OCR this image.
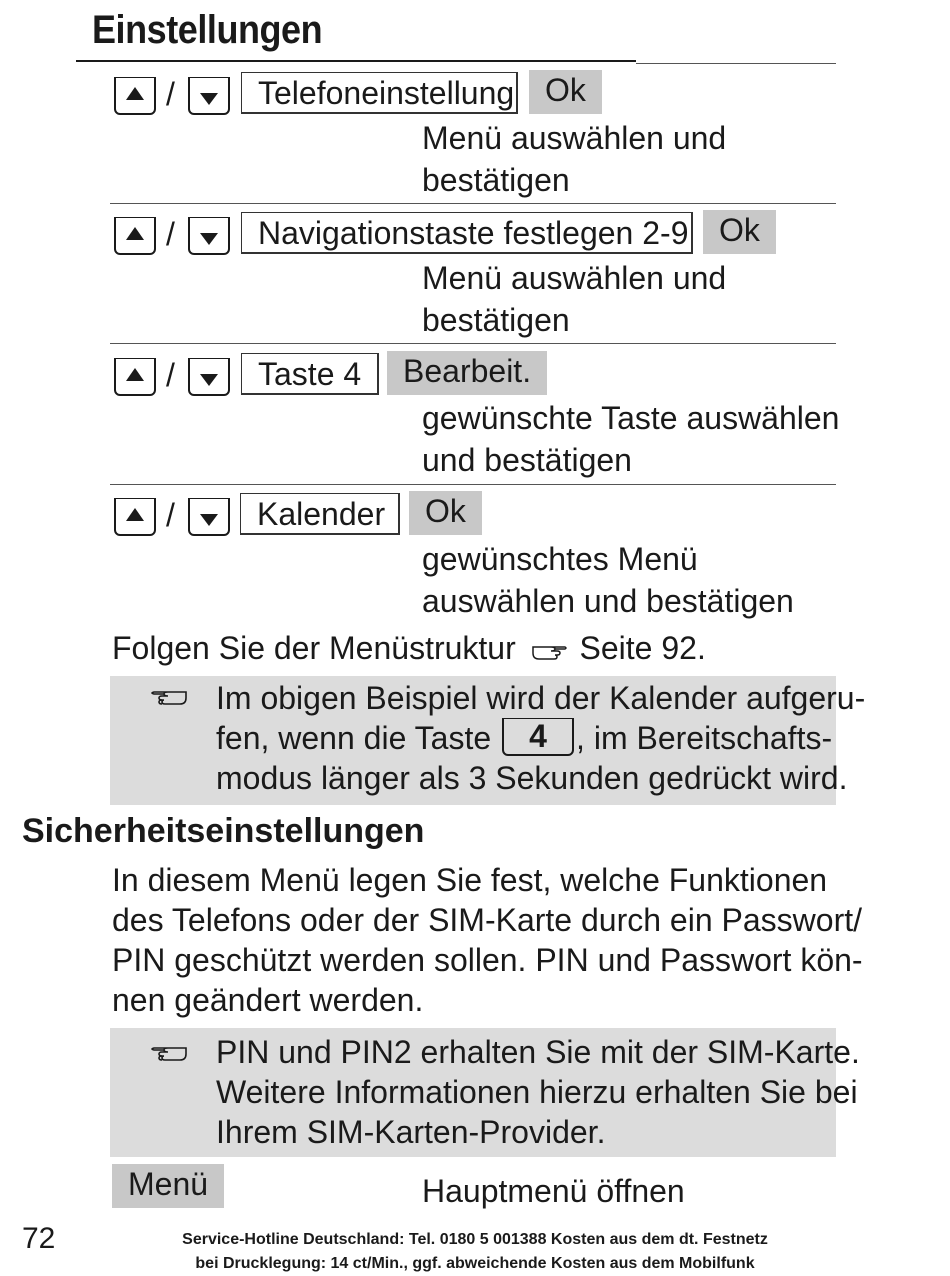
Einstellungen
/	Telefoneinstellung Ok
Menü auswählen und
bestätigen
/	Navigationstaste festlegen 2-9 Ok
Menü auswählen und
bestätigen
/	Taste 4	Bearbeit.
gewünschte Taste auswählen
und bestätigen
/	Kalender	Ok
gewünschtes Menü
auswählen und bestätigen
Folgen Sie der Menüstruktur Seite 92.
Im obigen Beispiel wird der Kalender aufgeru-
fen, wenn die Taste 4 , im Bereitschafts-
modus länger als 3 Sekunden gedrückt wird.
Sicherheitseinstellungen
In diesem Menü legen Sie fest, welche Funktionen
des Telefons oder der SIM-Karte durch ein Passwort/
PIN geschützt werden sollen. PIN und Passwort kön-
nen geändert werden.
PIN und PIN2 erhalten Sie mit der SIM-Karte.
Weitere Informationen hierzu erhalten Sie bei
Ihrem SIM-Karten-Provider.
Menü	Hauptmenü öffnen
72	Service-Hotline Deutschland: Tel. 0180 5 001388 Kosten aus dem dt. Festnetz
bei Drucklegung: 14 ct/Min., ggf. abweichende Kosten aus dem Mobilfunk
